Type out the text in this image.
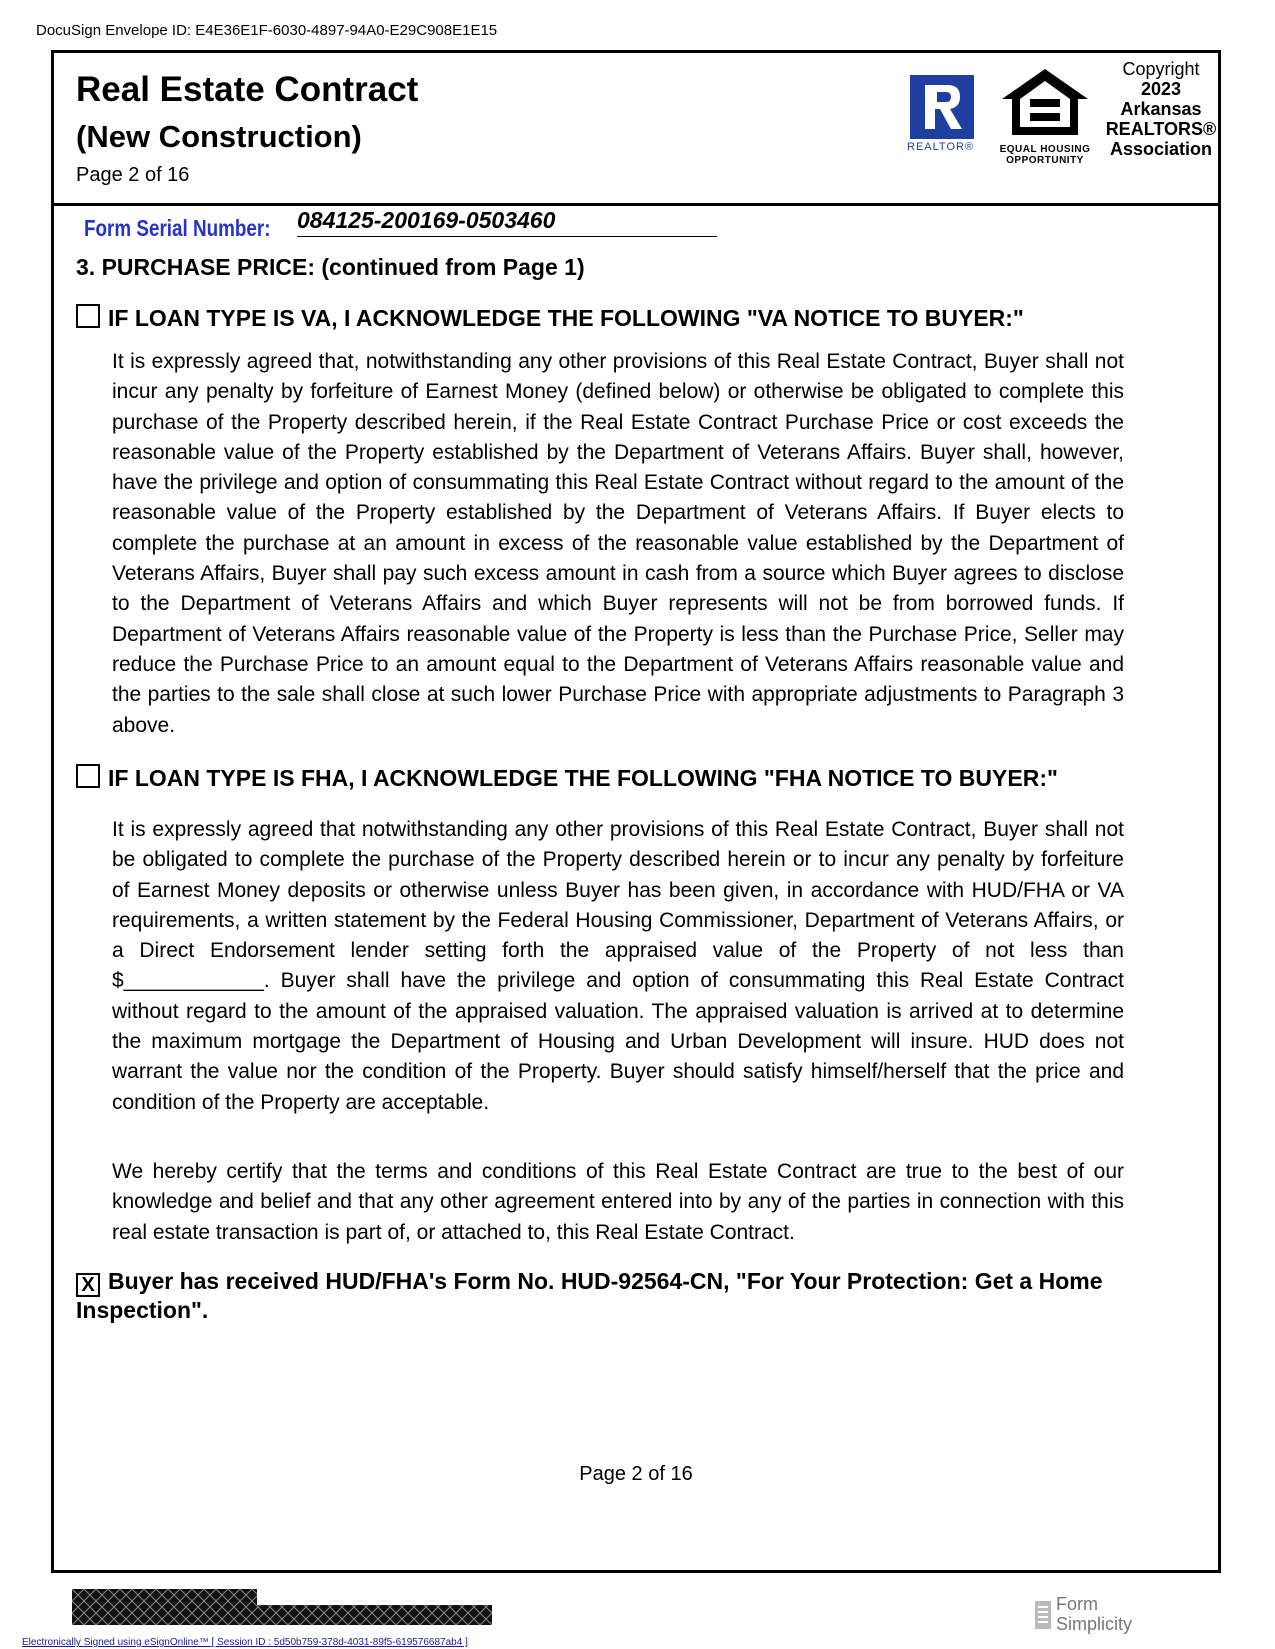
DocuSign Envelope ID: E4E36E1F-6030-4897-94A0-E29C908E1E15
Real Estate Contract
(New Construction)
Page 2 of 16
REALTOR®	EQUAL HOUSING
OPPORTUNITY
Copyright
2023
Arkansas
REALTORS®
Association
Form Serial Number: 084125-200169-0503460
3. PURCHASE PRICE: (continued from Page 1)
IF LOAN TYPE IS VA, I ACKNOWLEDGE THE FOLLOWING "VA NOTICE TO BUYER:"
It is expressly agreed that, notwithstanding any other provisions of this Real Estate Contract, Buyer shall not incur any penalty by forfeiture of Earnest Money (defined below) or otherwise be obligated to complete this purchase of the Property described herein, if the Real Estate Contract Purchase Price or cost exceeds the reasonable value of the Property established by the Department of Veterans Affairs. Buyer shall, however, have the privilege and option of consummating this Real Estate Contract without regard to the amount of the reasonable value of the Property established by the Department of Veterans Affairs. If Buyer elects to complete the purchase at an amount in excess of the reasonable value established by the Department of Veterans Affairs, Buyer shall pay such excess amount in cash from a source which Buyer agrees to disclose to the Department of Veterans Affairs and which Buyer represents will not be from borrowed funds. If Department of Veterans Affairs reasonable value of the Property is less than the Purchase Price, Seller may reduce the Purchase Price to an amount equal to the Department of Veterans Affairs reasonable value and the parties to the sale shall close at such lower Purchase Price with appropriate adjustments to Paragraph 3 above.
IF LOAN TYPE IS FHA, I ACKNOWLEDGE THE FOLLOWING "FHA NOTICE TO BUYER:"
It is expressly agreed that notwithstanding any other provisions of this Real Estate Contract, Buyer shall not be obligated to complete the purchase of the Property described herein or to incur any penalty by forfeiture of Earnest Money deposits or otherwise unless Buyer has been given, in accordance with HUD/FHA or VA requirements, a written statement by the Federal Housing Commissioner, Department of Veterans Affairs, or a Direct Endorsement lender setting forth the appraised value of the Property of not less than $____________. Buyer shall have the privilege and option of consummating this Real Estate Contract without regard to the amount of the appraised valuation. The appraised valuation is arrived at to determine the maximum mortgage the Department of Housing and Urban Development will insure. HUD does not warrant the value nor the condition of the Property. Buyer should satisfy himself/herself that the price and condition of the Property are acceptable.
We hereby certify that the terms and conditions of this Real Estate Contract are true to the best of our knowledge and belief and that any other agreement entered into by any of the parties in connection with this real estate transaction is part of, or attached to, this Real Estate Contract.
X Buyer has received HUD/FHA's Form No. HUD-92564-CN, "For Your Protection: Get a Home Inspection".
Page 2 of 16
Form
Simplicity
Electronically Signed using eSignOnline™ [ Session ID : 5d50b759-378d-4031-89f5-619576687ab4 ]
